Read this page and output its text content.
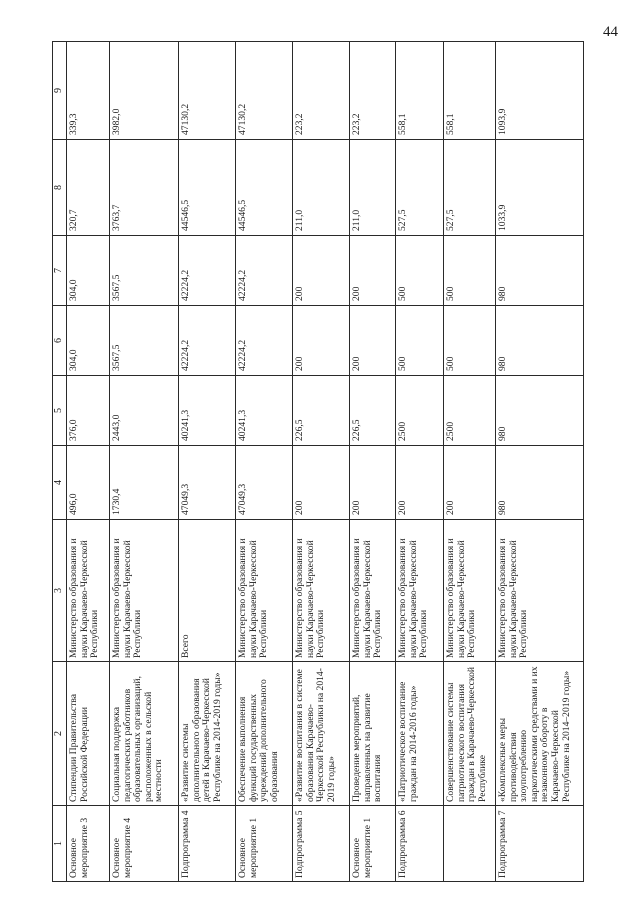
44
1	2	3	4	5	6	7	8	9
Основное мероприятие 3	Стипендии Правительства Российской Федерации	Министерство образования и науки Карачаево-Черкесской Республики	496,0	376,0	304,0	304,0	320,7	339,3
Основное мероприятие 4	Социальная поддержка педагогических работников образовательных организаций, расположенных в сельской местности	Министерство образования и науки Карачаево-Черкесской Республики	1730,4	2443,0	3567,5	3567,5	3763,7	3982,0
Подпрограмма 4	«Развитие системы дополнительного образования детей в Карачаево-Черкесской Республике на 2014-2019 годы»	Всего	47049,3	40241,3	42224,2	42224,2	44546,5	47130,2
Основное мероприятие 1	Обеспечение выполнения функций государственных учреждений дополнительного образования	Министерство образования и науки Карачаево-Черкесской Республики	47049,3	40241,3	42224,2	42224,2	44546,5	47130,2
Подпрограмма 5	«Развитие воспитания в системе образования Карачаево-Черкесской Республики на 2014-2019 годы»	Министерство образования и науки Карачаево-Черкесской Республики	200	226,5	200	200	211,0	223,2
Основное мероприятие 1	Проведение мероприятий, направленных на развитие воспитания	Министерство образования и науки Карачаево-Черкесской Республики	200	226,5	200	200	211,0	223,2
Подпрограмма 6	«Патриотическое воспитание граждан на 2014-2016 годы»	Министерство образования и науки Карачаево-Черкесской Республики	200	2500	500	500	527,5	558,1
	Совершенствование системы патриотического воспитания граждан в Карачаево-Черкесской Республике	Министерство образования и науки Карачаево-Черкесской Республики	200	2500	500	500	527,5	558,1
Подпрограмма 7	«Комплексные меры противодействия злоупотреблению наркотическими средствами и их незаконному обороту в Карачаево-Черкесской Республике на 2014–2019 годы»	Министерство образования и науки Карачаево-Черкесской Республики	980	980	980	980	1033,9	1093,9
